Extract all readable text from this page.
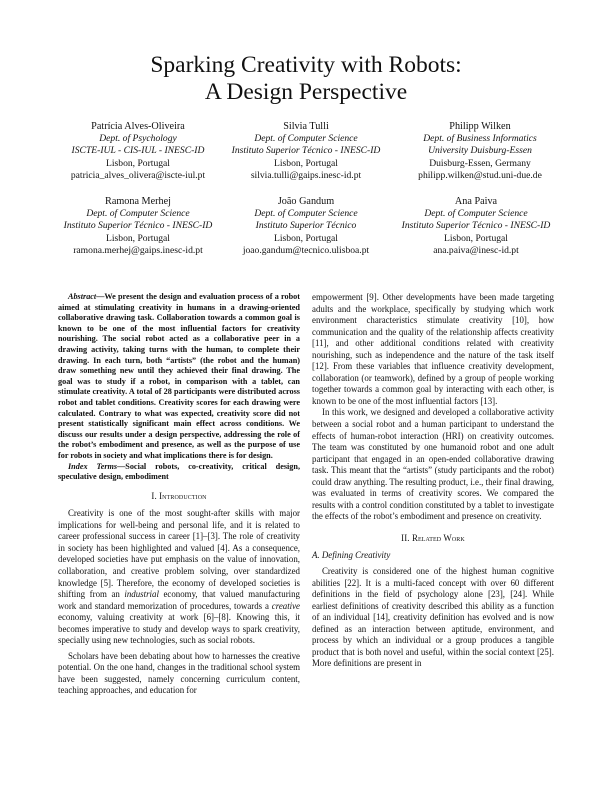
Sparking Creativity with Robots:
A Design Perspective
Patrícia Alves-Oliveira
Dept. of Psychology
ISCTE-IUL - CIS-IUL - INESC-ID
Lisbon, Portugal
patricia_alves_olivera@iscte-iul.pt
Silvia Tulli
Dept. of Computer Science
Instituto Superior Técnico - INESC-ID
Lisbon, Portugal
silvia.tulli@gaips.inesc-id.pt
Philipp Wilken
Dept. of Business Informatics
University Duisburg-Essen
Duisburg-Essen, Germany
philipp.wilken@stud.uni-due.de
Ramona Merhej
Dept. of Computer Science
Instituto Superior Técnico - INESC-ID
Lisbon, Portugal
ramona.merhej@gaips.inesc-id.pt
João Gandum
Dept. of Computer Science
Instituto Superior Técnico
Lisbon, Portugal
joao.gandum@tecnico.ulisboa.pt
Ana Paiva
Dept. of Computer Science
Instituto Superior Técnico - INESC-ID
Lisbon, Portugal
ana.paiva@inesc-id.pt

Abstract—We present the design and evaluation process of a robot aimed at stimulating creativity in humans in a drawing-oriented collaborative drawing task. Collaboration towards a common goal is known to be one of the most influential factors for creativity nourishing. The social robot acted as a collaborative peer in a drawing activity, taking turns with the human, to complete their drawing. In each turn, both “artists” (the robot and the human) draw something new until they achieved their final drawing. The goal was to study if a robot, in comparison with a tablet, can stimulate creativity. A total of 28 participants were distributed across robot and tablet conditions. Creativity scores for each drawing were calculated. Contrary to what was expected, creativity score did not present statistically significant main effect across conditions. We discuss our results under a design perspective, addressing the role of the robot’s embodiment and presence, as well as the purpose of use for robots in society and what implications there is for design.

Index Terms—Social robots, co-creativity, critical design, speculative design, embodiment

I. Introduction

Creativity is one of the most sought-after skills with major implications for well-being and personal life, and it is related to career professional success in career [1]–[3]. The role of creativity in society has been highlighted and valued [4]. As a consequence, developed societies have put emphasis on the value of innovation, collaboration, and creative problem solving, over standardized knowledge [5]. Therefore, the economy of developed societies is shifting from an industrial economy, that valued manufacturing work and standard memorization of procedures, towards a creative economy, valuing creativity at work [6]–[8]. Knowing this, it becomes imperative to study and develop ways to spark creativity, specially using new technologies, such as social robots.

Scholars have been debating about how to harnesses the creative potential. On the one hand, changes in the traditional school system have been suggested, namely concerning curriculum content, teaching approaches, and education for

empowerment [9]. Other developments have been made targeting adults and the workplace, specifically by studying which work environment characteristics stimulate creativity [10], how communication and the quality of the relationship affects creativity [11], and other additional conditions related with creativity nourishing, such as independence and the nature of the task itself [12]. From these variables that influence creativity development, collaboration (or teamwork), defined by a group of people working together towards a common goal by interacting with each other, is known to be one of the most influential factors [13].

In this work, we designed and developed a collaborative activity between a social robot and a human participant to understand the effects of human-robot interaction (HRI) on creativity outcomes. The team was constituted by one humanoid robot and one adult participant that engaged in an open-ended collaborative drawing task. This meant that the “artists” (study participants and the robot) could draw anything. The resulting product, i.e., their final drawing, was evaluated in terms of creativity scores. We compared the results with a control condition constituted by a tablet to investigate the effects of the robot’s embodiment and presence on creativity.

II. Related Work
A. Defining Creativity

Creativity is considered one of the highest human cognitive abilities [22]. It is a multi-faced concept with over 60 different definitions in the field of psychology alone [23], [24]. While earliest definitions of creativity described this ability as a function of an individual [14], creativity definition has evolved and is now defined as an interaction between aptitude, environment, and process by which an individual or a group produces a tangible product that is both novel and useful, within the social context [25]. More definitions are present in
